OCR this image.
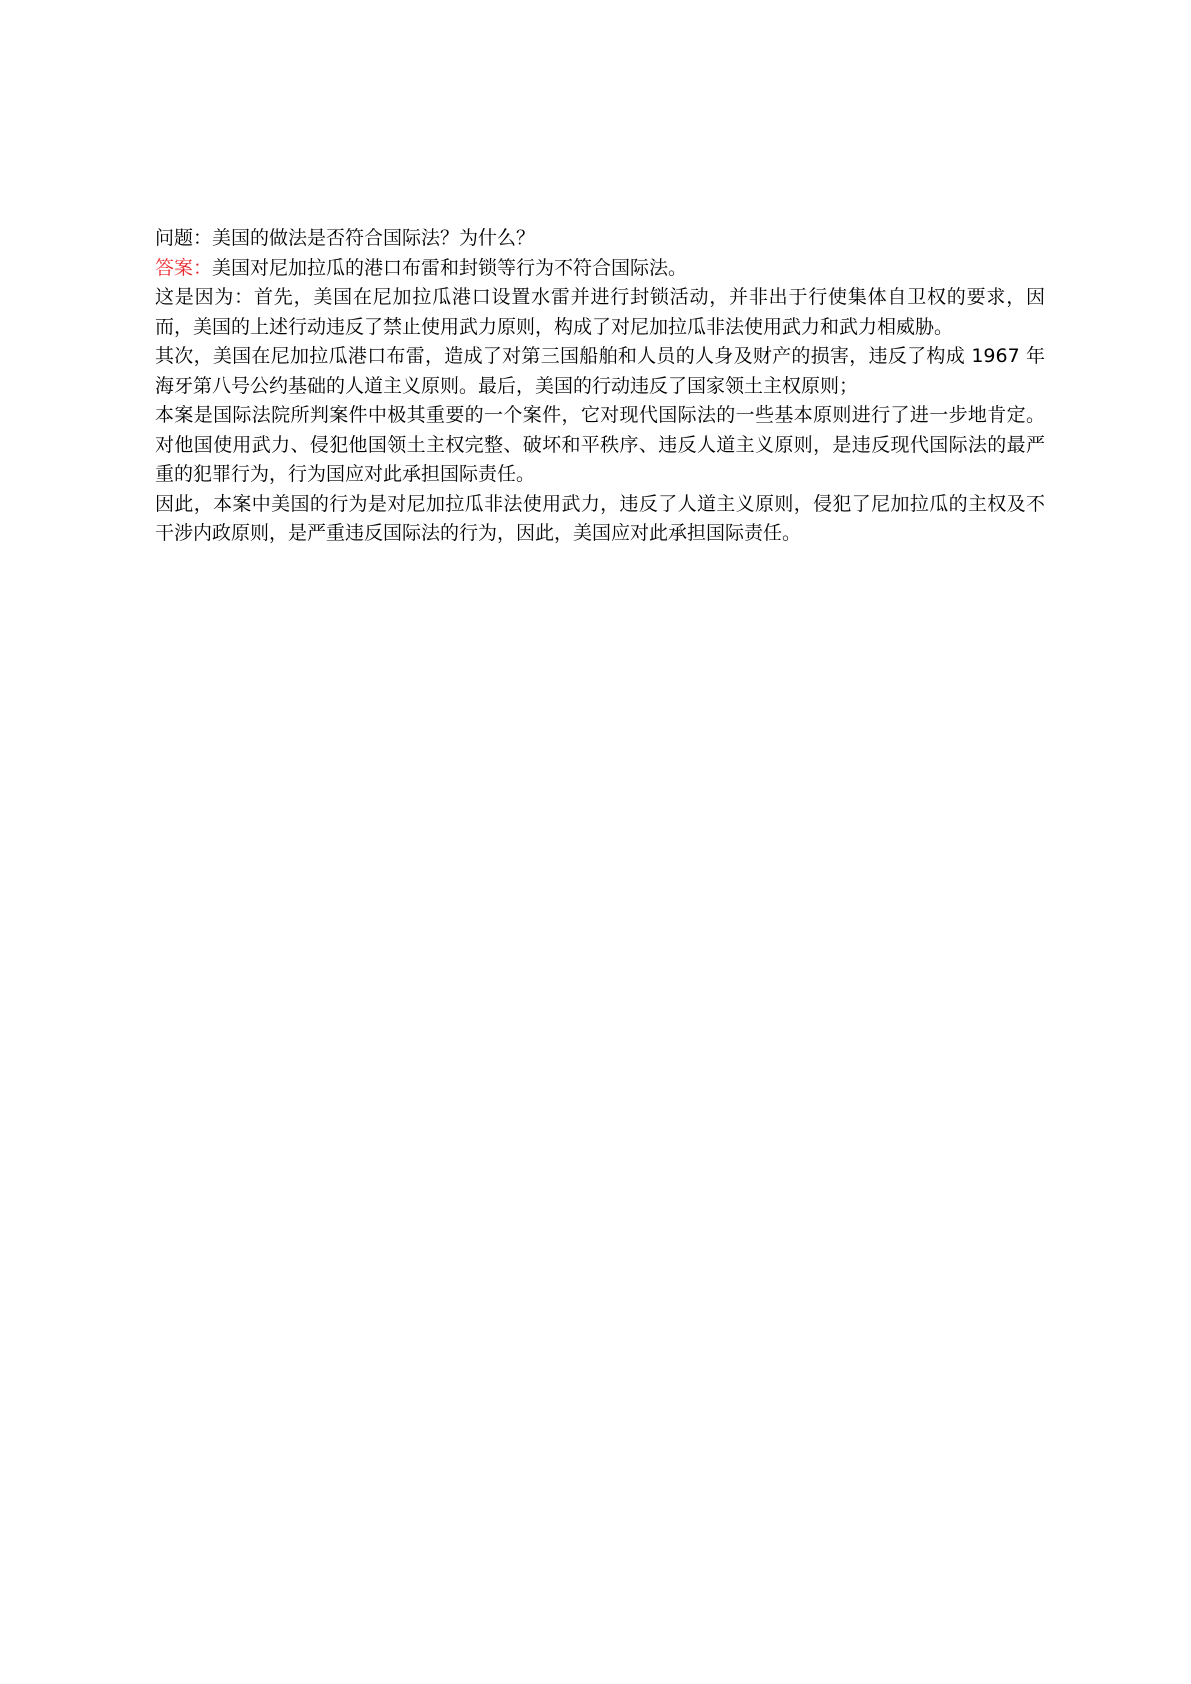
问题：美国的做法是否符合国际法？为什么？

答案：美国对尼加拉瓜的港口布雷和封锁等行为不符合国际法。

这是因为：首先，美国在尼加拉瓜港口设置水雷并进行封锁活动，并非出于行使集体自卫权的要求，因而，美国的上述行动违反了禁止使用武力原则，构成了对尼加拉瓜非法使用武力和武力相威胁。

其次，美国在尼加拉瓜港口布雷，造成了对第三国船舶和人员的人身及财产的损害，违反了构成 1967 年海牙第八号公约基础的人道主义原则。最后，美国的行动违反了国家领土主权原则；

本案是国际法院所判案件中极其重要的一个案件，它对现代国际法的一些基本原则进行了进一步地肯定。对他国使用武力、侵犯他国领土主权完整、破坏和平秩序、违反人道主义原则，是违反现代国际法的最严重的犯罪行为，行为国应对此承担国际责任。

因此，本案中美国的行为是对尼加拉瓜非法使用武力，违反了人道主义原则，侵犯了尼加拉瓜的主权及不干涉内政原则，是严重违反国际法的行为，因此，美国应对此承担国际责任。
